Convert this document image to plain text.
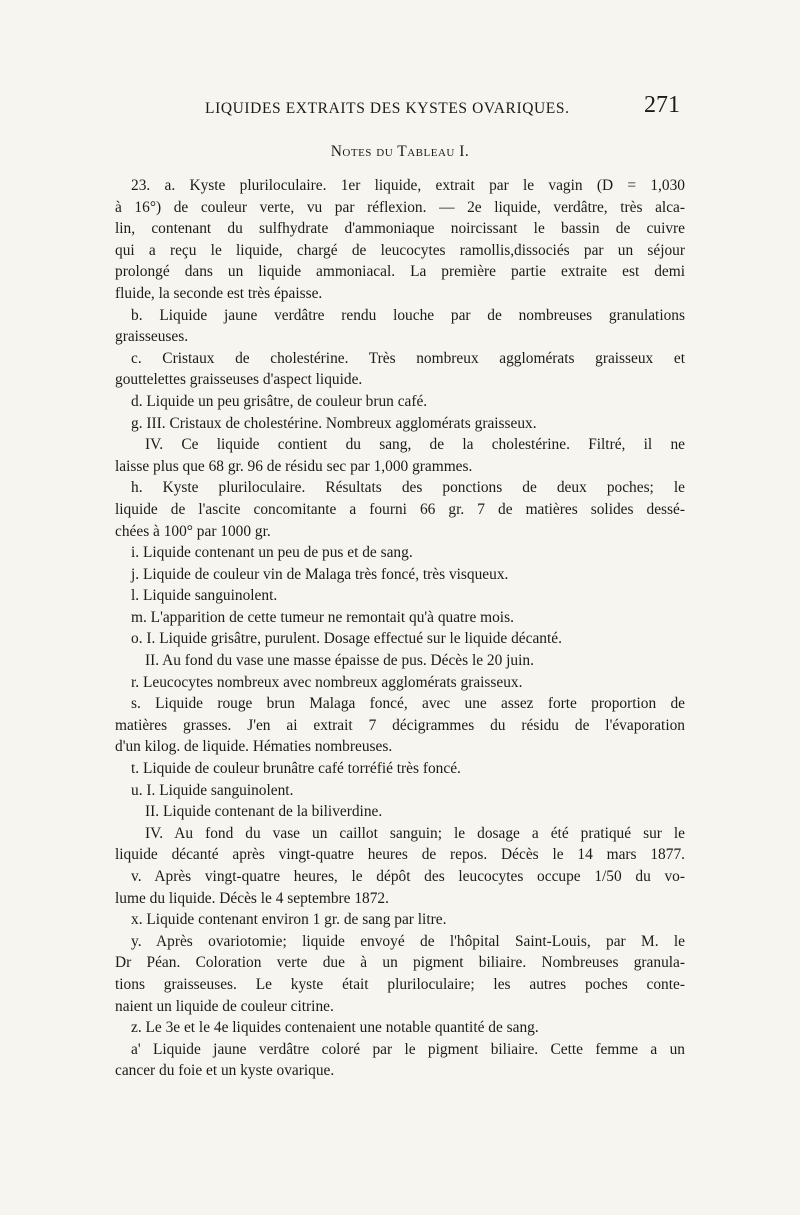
LIQUIDES EXTRAITS DES KYSTES OVARIQUES.	271
Notes du Tableau I.
23. a. Kyste pluriloculaire. 1er liquide, extrait par le vagin (D = 1,030
à 16°) de couleur verte, vu par réflexion. — 2e liquide, verdâtre, très alca-
lin, contenant du sulfhydrate d'ammoniaque noircissant le bassin de cuivre
qui a reçu le liquide, chargé de leucocytes ramollis,dissociés par un séjour
prolongé dans un liquide ammoniacal. La première partie extraite est demi
fluide, la seconde est très épaisse.
b. Liquide jaune verdâtre rendu louche par de nombreuses granulations
graisseuses.
c. Cristaux de cholestérine. Très nombreux agglomérats graisseux et
gouttelettes graisseuses d'aspect liquide.
d. Liquide un peu grisâtre, de couleur brun café.
g. III. Cristaux de cholestérine. Nombreux agglomérats graisseux.
IV. Ce liquide contient du sang, de la cholestérine. Filtré, il ne
laisse plus que 68 gr. 96 de résidu sec par 1,000 grammes.
h. Kyste pluriloculaire. Résultats des ponctions de deux poches; le
liquide de l'ascite concomitante a fourni 66 gr. 7 de matières solides dessé-
chées à 100° par 1000 gr.
i. Liquide contenant un peu de pus et de sang.
j. Liquide de couleur vin de Malaga très foncé, très visqueux.
l. Liquide sanguinolent.
m. L'apparition de cette tumeur ne remontait qu'à quatre mois.
o. I. Liquide grisâtre, purulent. Dosage effectué sur le liquide décanté.
II. Au fond du vase une masse épaisse de pus. Décès le 20 juin.
r. Leucocytes nombreux avec nombreux agglomérats graisseux.
s. Liquide rouge brun Malaga foncé, avec une assez forte proportion de
matières grasses. J'en ai extrait 7 décigrammes du résidu de l'évaporation
d'un kilog. de liquide. Hématies nombreuses.
t. Liquide de couleur brunâtre café torréfié très foncé.
u. I. Liquide sanguinolent.
II. Liquide contenant de la biliverdine.
IV. Au fond du vase un caillot sanguin; le dosage a été pratiqué sur le
liquide décanté après vingt-quatre heures de repos. Décès le 14 mars 1877.
v. Après vingt-quatre heures, le dépôt des leucocytes occupe 1/50 du vo-
lume du liquide. Décès le 4 septembre 1872.
x. Liquide contenant environ 1 gr. de sang par litre.
y. Après ovariotomie; liquide envoyé de l'hôpital Saint-Louis, par M. le
Dr Péan. Coloration verte due à un pigment biliaire. Nombreuses granula-
tions graisseuses. Le kyste était pluriloculaire; les autres poches conte-
naient un liquide de couleur citrine.
z. Le 3e et le 4e liquides contenaient une notable quantité de sang.
a' Liquide jaune verdâtre coloré par le pigment biliaire. Cette femme a un
cancer du foie et un kyste ovarique.
